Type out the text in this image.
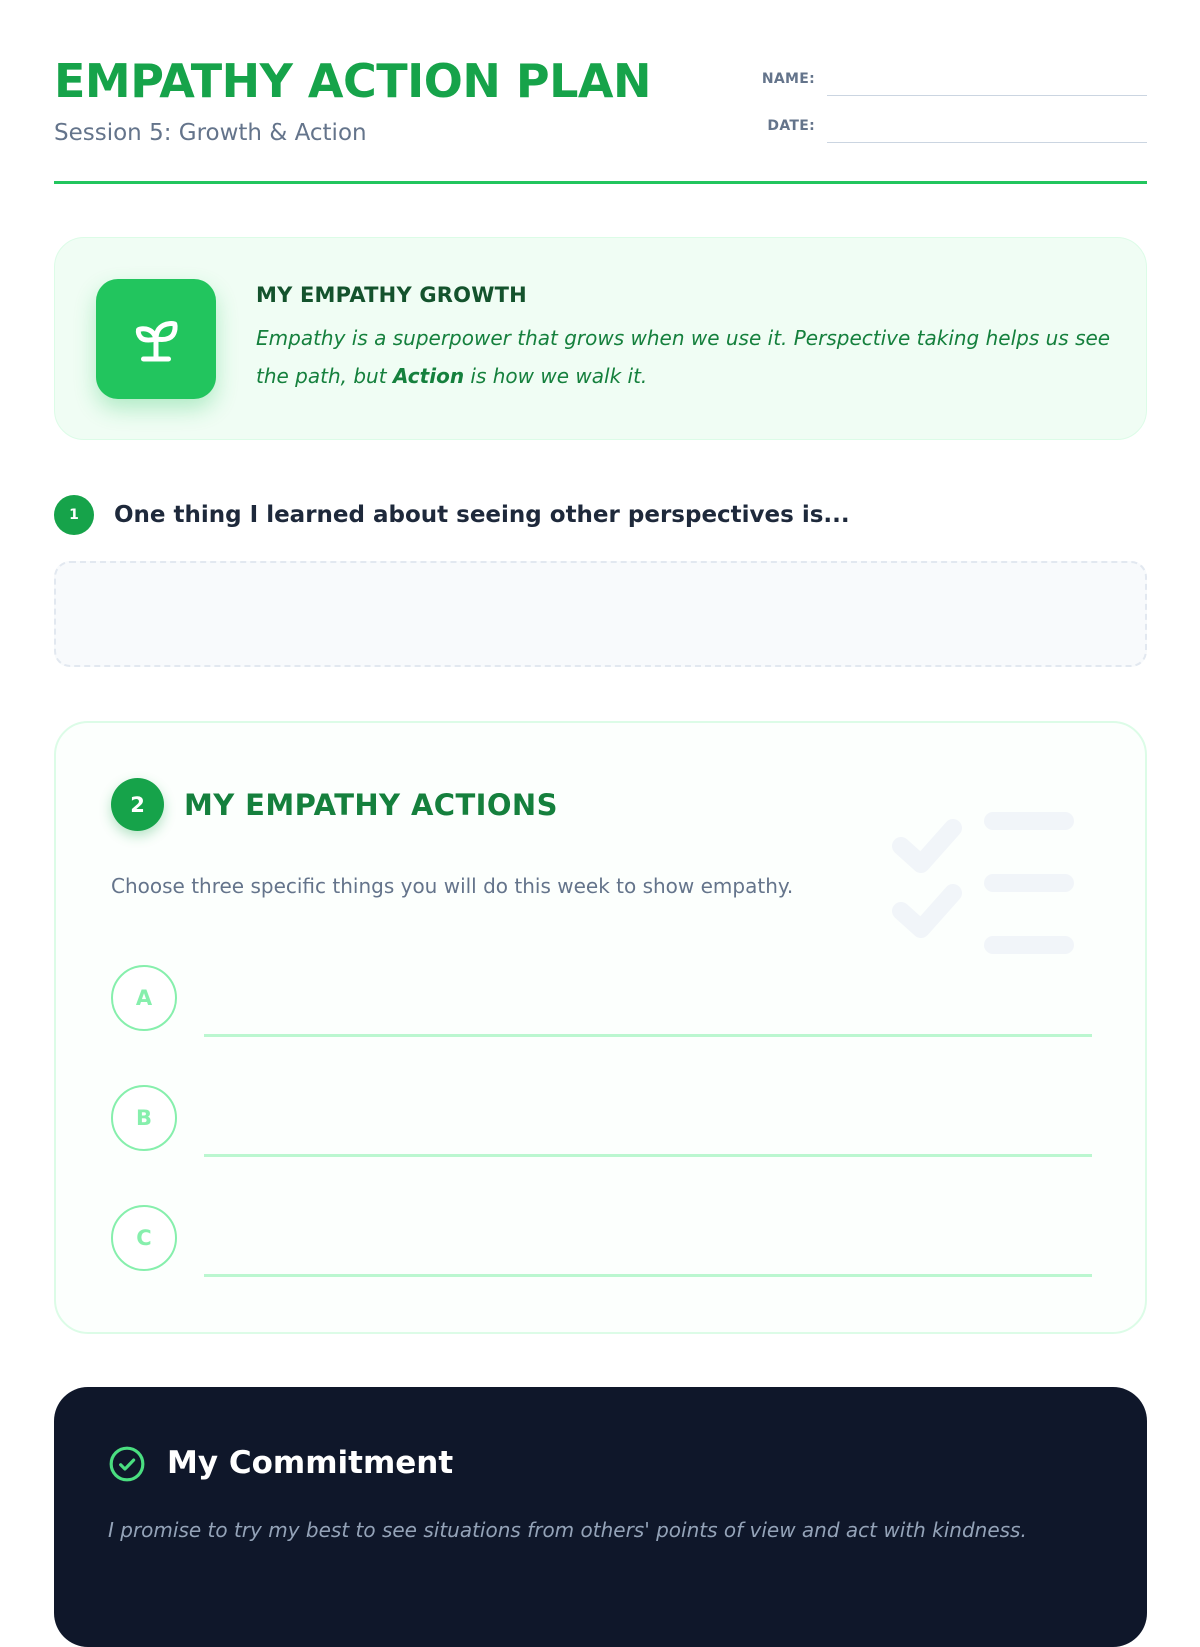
EMPATHY ACTION PLAN
Session 5: Growth & Action
NAME:
DATE:
MY EMPATHY GROWTH
Empathy is a superpower that grows when we use it. Perspective taking helps us see the path, but Action is how we walk it.
1	One thing I learned about seeing other perspectives is...
2	MY EMPATHY ACTIONS
Choose three specific things you will do this week to show empathy.
A
B
C
My Commitment
I promise to try my best to see situations from others' points of view and act with kindness.
